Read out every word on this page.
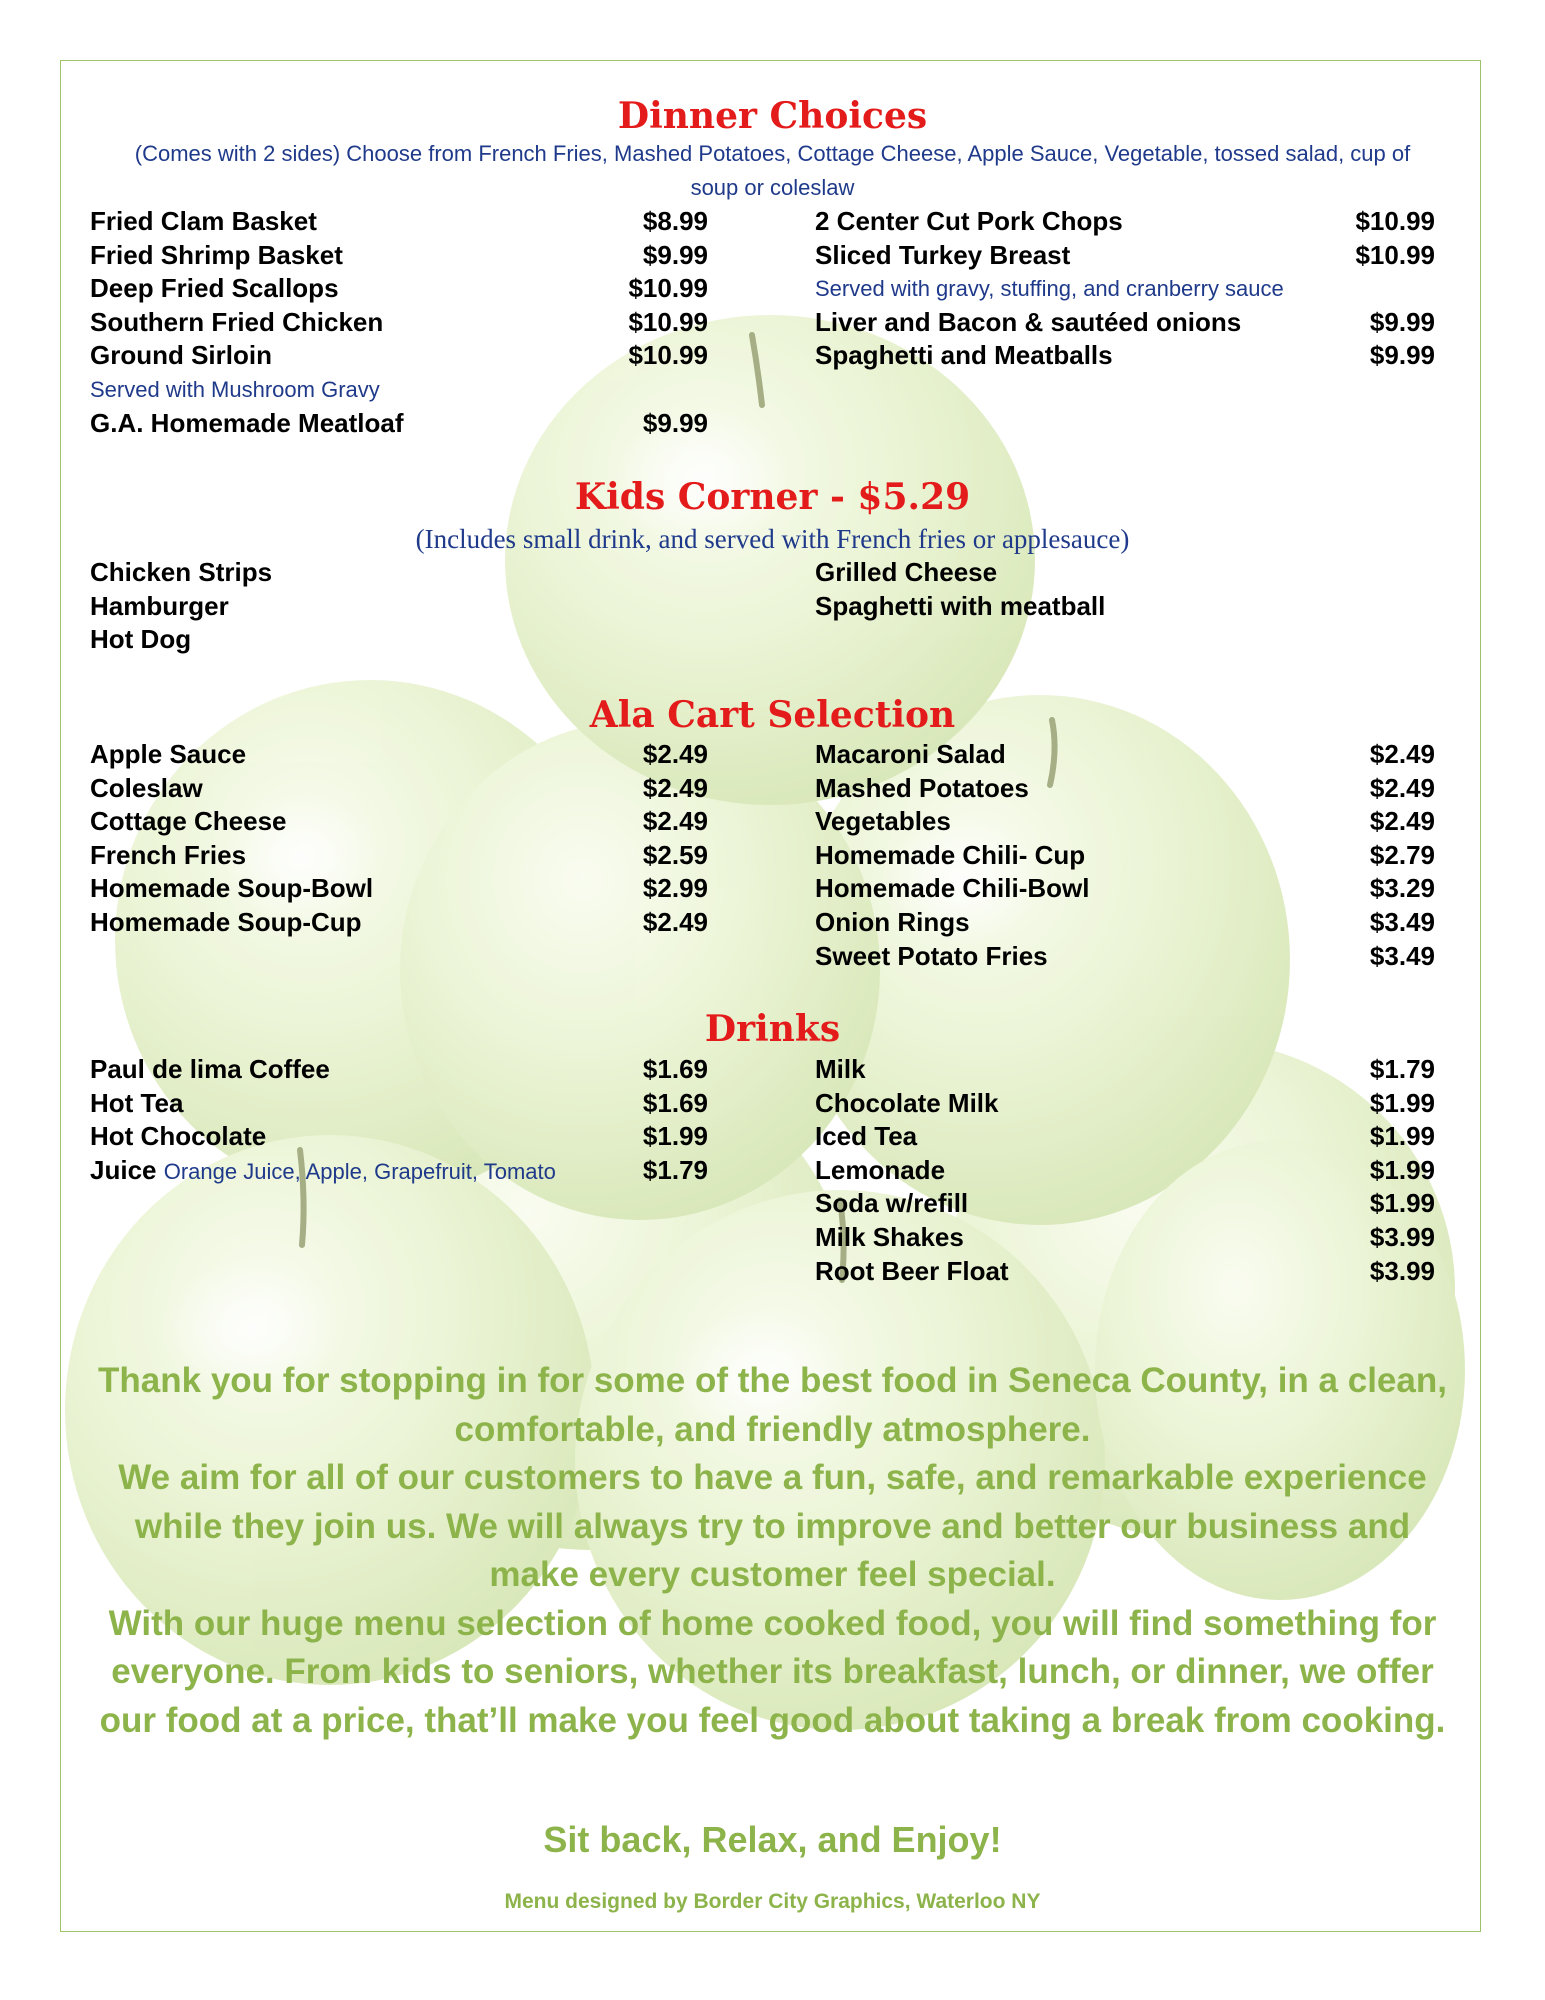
Dinner Choices
(Comes with 2 sides) Choose from French Fries, Mashed Potatoes, Cottage Cheese, Apple Sauce, Vegetable, tossed salad, cup of soup or coleslaw
Fried Clam Basket	$8.99
Fried Shrimp Basket	$9.99
Deep Fried Scallops	$10.99
Southern Fried Chicken	$10.99
Ground Sirloin	$10.99
Served with Mushroom Gravy
G.A. Homemade Meatloaf	$9.99
2 Center Cut Pork Chops	$10.99
Sliced Turkey Breast	$10.99
Served with gravy, stuffing, and cranberry sauce
Liver and Bacon & sautéed onions	$9.99
Spaghetti and Meatballs	$9.99
Kids Corner - $5.29
(Includes small drink, and served with French fries or applesauce)
Chicken Strips
Hamburger
Hot Dog
Grilled Cheese
Spaghetti with meatball
Ala Cart Selection
Apple Sauce	$2.49
Coleslaw	$2.49
Cottage Cheese	$2.49
French Fries	$2.59
Homemade Soup-Bowl	$2.99
Homemade Soup-Cup	$2.49
Macaroni Salad	$2.49
Mashed Potatoes	$2.49
Vegetables	$2.49
Homemade Chili- Cup	$2.79
Homemade Chili-Bowl	$3.29
Onion Rings	$3.49
Sweet Potato Fries	$3.49
Drinks
Paul de lima Coffee	$1.69
Hot Tea	$1.69
Hot Chocolate	$1.99
Juice Orange Juice, Apple, Grapefruit, Tomato	$1.79
Milk	$1.79
Chocolate Milk	$1.99
Iced Tea	$1.99
Lemonade	$1.99
Soda w/refill	$1.99
Milk Shakes	$3.99
Root Beer Float	$3.99

Thank you for stopping in for some of the best food in Seneca County, in a clean, comfortable, and friendly atmosphere.

We aim for all of our customers to have a fun, safe, and remarkable experience while they join us. We will always try to improve and better our business and make every customer feel special.

With our huge menu selection of home cooked food, you will find something for everyone. From kids to seniors, whether its breakfast, lunch, or dinner, we offer our food at a price, that’ll make you feel good about taking a break from cooking.

Sit back, Relax, and Enjoy!
Menu designed by Border City Graphics, Waterloo NY
